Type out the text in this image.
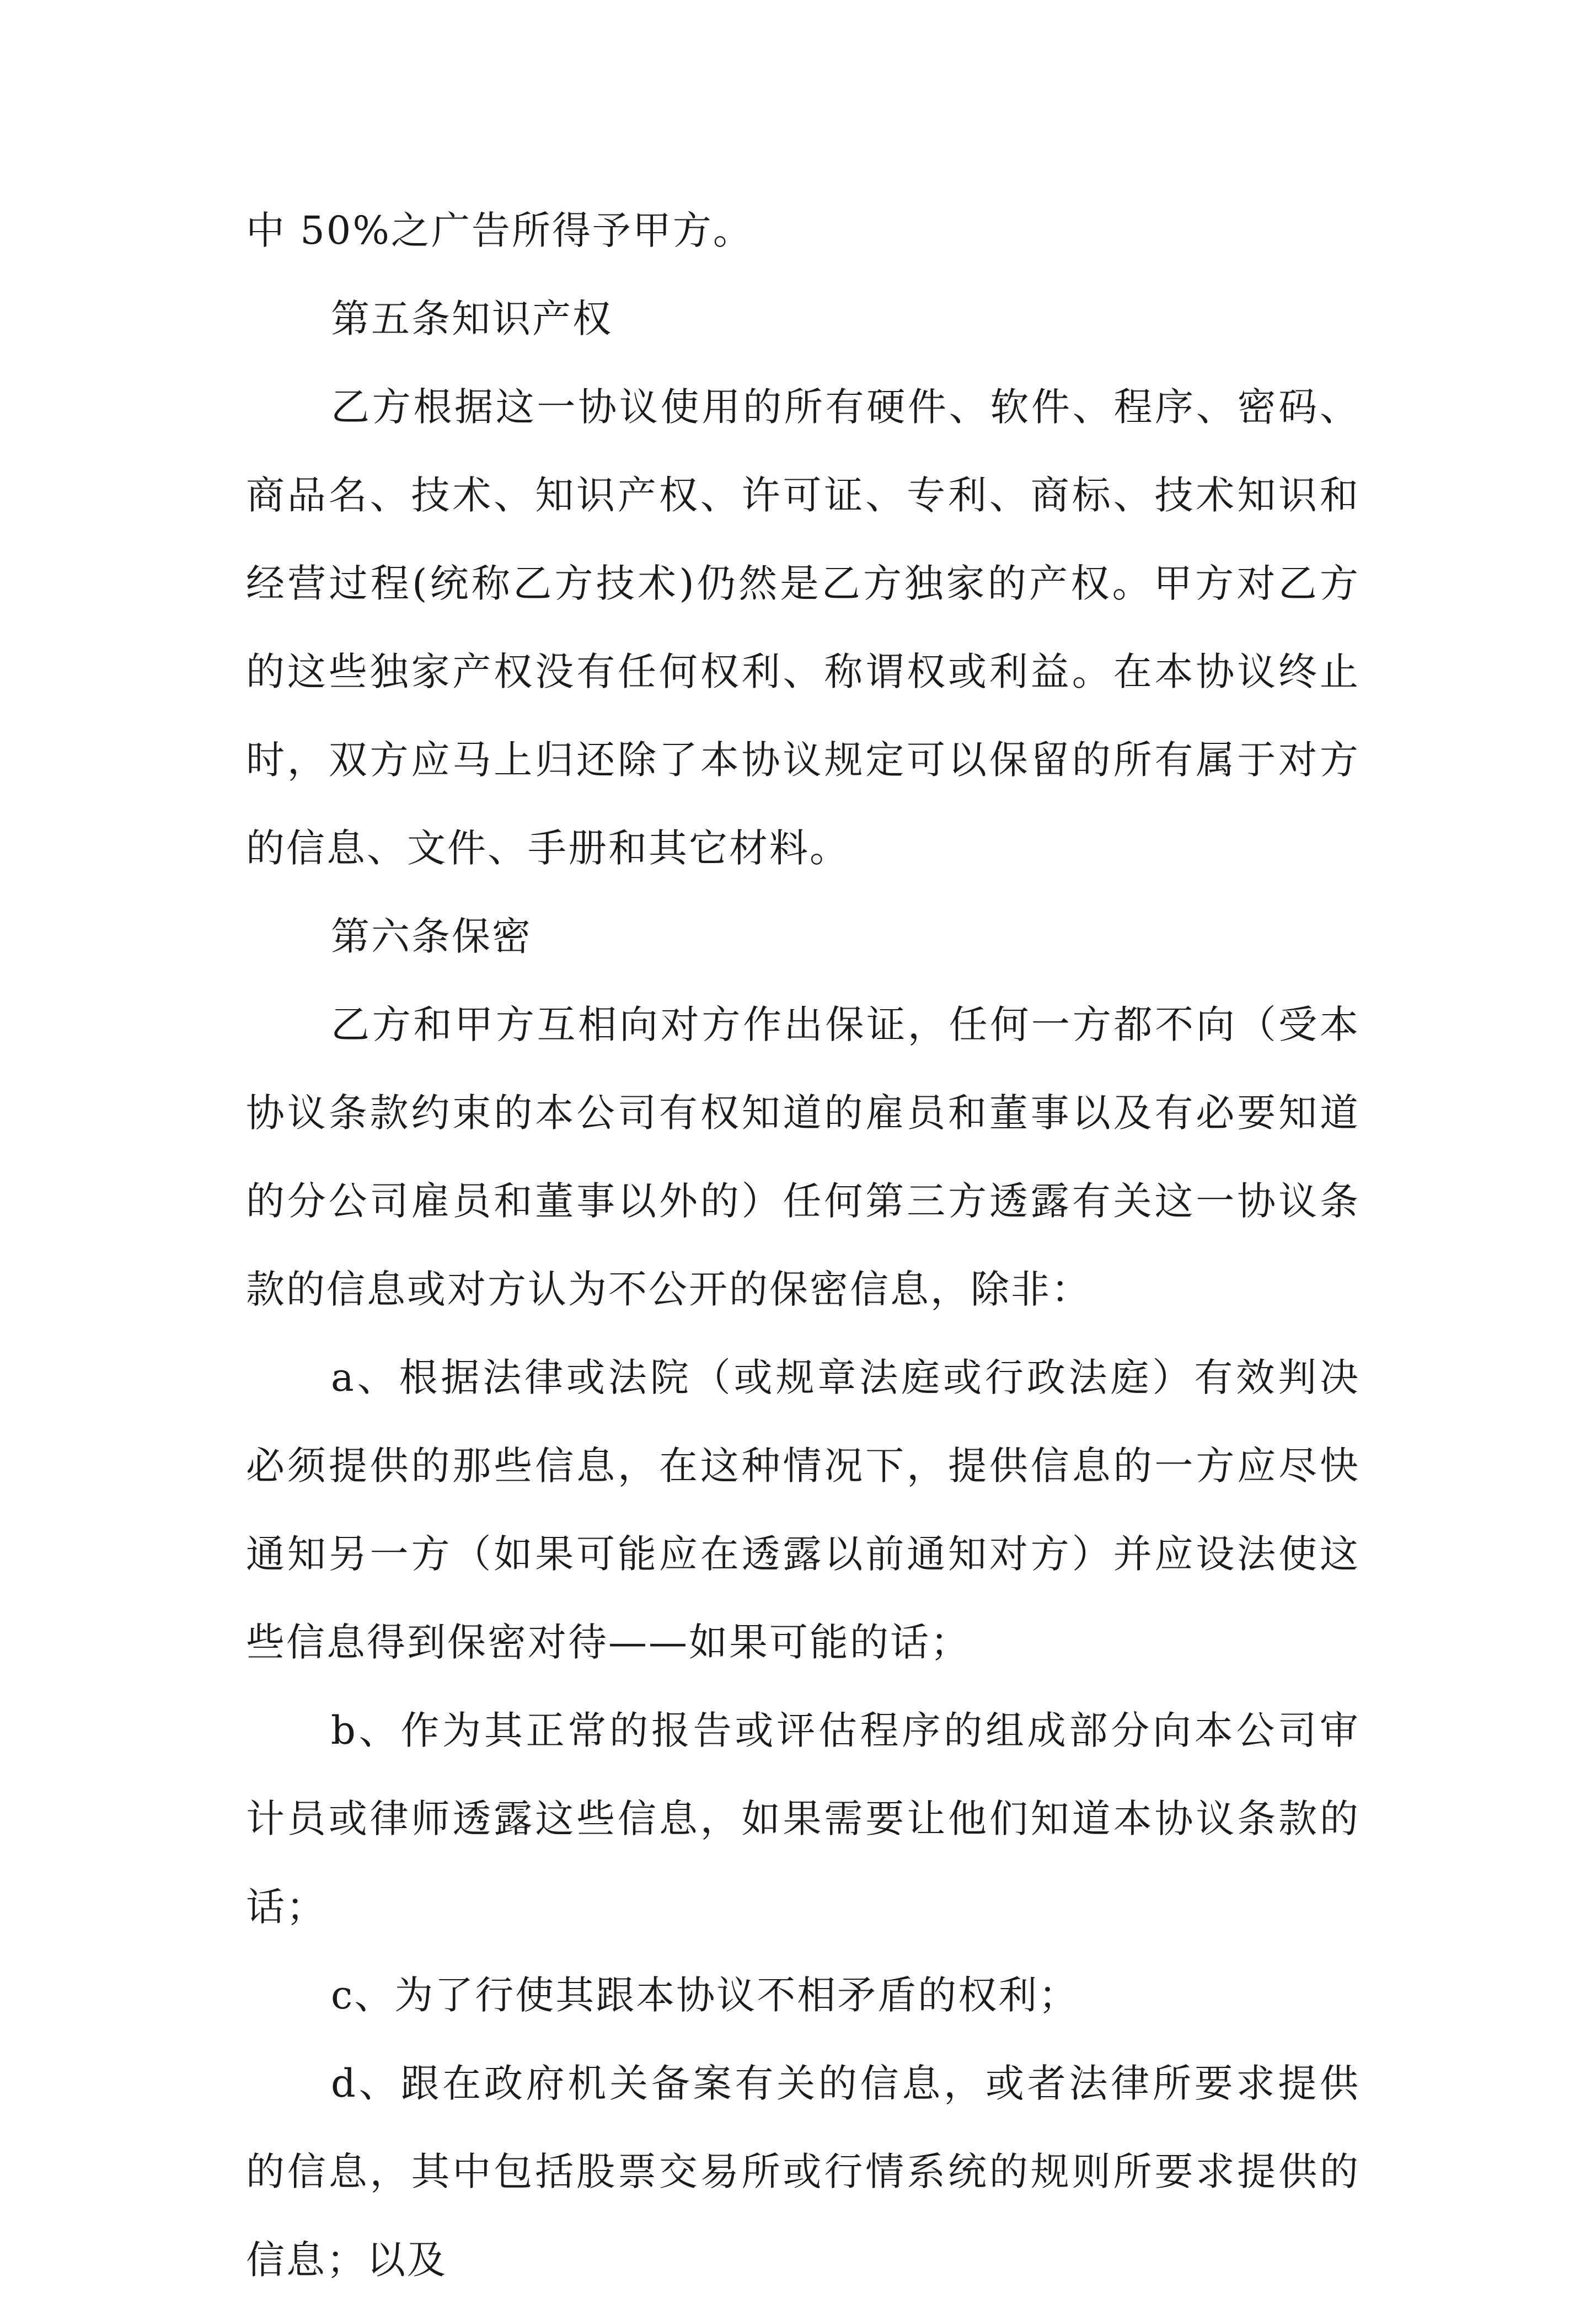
中 50%之广告所得予甲方。

第五条知识产权

乙方根据这一协议使用的所有硬件、软件、程序、密码、商品名、技术、知识产权、许可证、专利、商标、技术知识和经营过程(统称乙方技术)仍然是乙方独家的产权。甲方对乙方的这些独家产权没有任何权利、称谓权或利益。在本协议终止时，双方应马上归还除了本协议规定可以保留的所有属于对方的信息、文件、手册和其它材料。

第六条保密

乙方和甲方互相向对方作出保证，任何一方都不向（受本协议条款约束的本公司有权知道的雇员和董事以及有必要知道的分公司雇员和董事以外的）任何第三方透露有关这一协议条款的信息或对方认为不公开的保密信息，除非：

a、根据法律或法院（或规章法庭或行政法庭）有效判决必须提供的那些信息，在这种情况下，提供信息的一方应尽快通知另一方（如果可能应在透露以前通知对方）并应设法使这些信息得到保密对待——如果可能的话；

b、作为其正常的报告或评估程序的组成部分向本公司审计员或律师透露这些信息，如果需要让他们知道本协议条款的话；

c、为了行使其跟本协议不相矛盾的权利；

d、跟在政府机关备案有关的信息，或者法律所要求提供的信息，其中包括股票交易所或行情系统的规则所要求提供的信息；以及
